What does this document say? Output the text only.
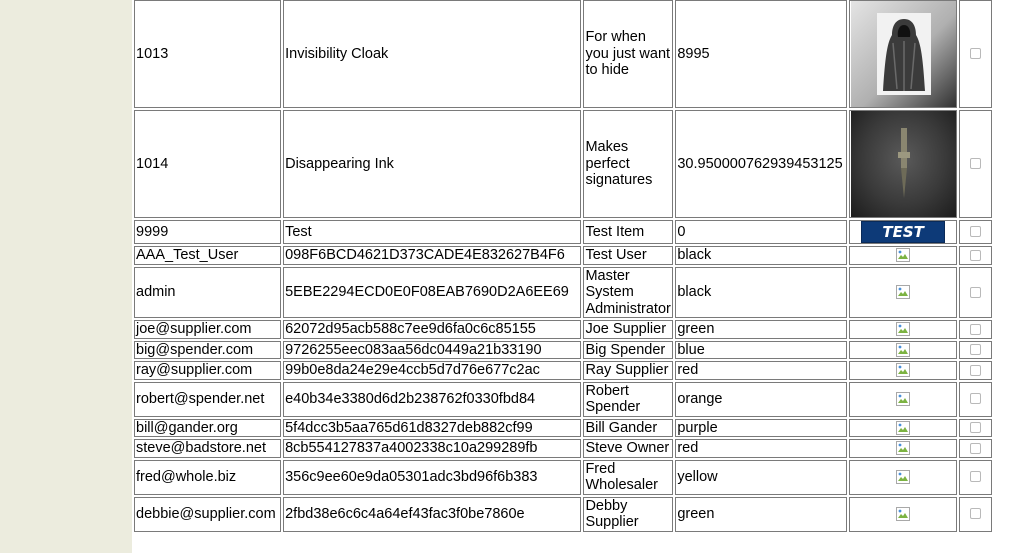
1013	Invisibility Cloak	For when you just want to hide	8995	

1014	Disappearing Ink	Makes perfect signatures	30.950000762939453125	

9999	Test	Test Item	0	TEST	
AAA_Test_User	098F6BCD4621D373CADE4E832627B4F6	Test User	black		
admin	5EBE2294ECD0E0F08EAB7690D2A6EE69	Master System Administrator	black		
joe@supplier.com	62072d95acb588c7ee9d6fa0c6c85155	Joe Supplier	green		
big@spender.com	9726255eec083aa56dc0449a21b33190	Big Spender	blue		
ray@supplier.com	99b0e8da24e29e4ccb5d7d76e677c2ac	Ray Supplier	red		
robert@spender.net	e40b34e3380d6d2b238762f0330fbd84	Robert Spender	orange		
bill@gander.org	5f4dcc3b5aa765d61d8327deb882cf99	Bill Gander	purple		
steve@badstore.net	8cb554127837a4002338c10a299289fb	Steve Owner	red		
fred@whole.biz	356c9ee60e9da05301adc3bd96f6b383	Fred Wholesaler	yellow		
debbie@supplier.com	2fbd38e6c6c4a64ef43fac3f0be7860e	Debby Supplier	green		
